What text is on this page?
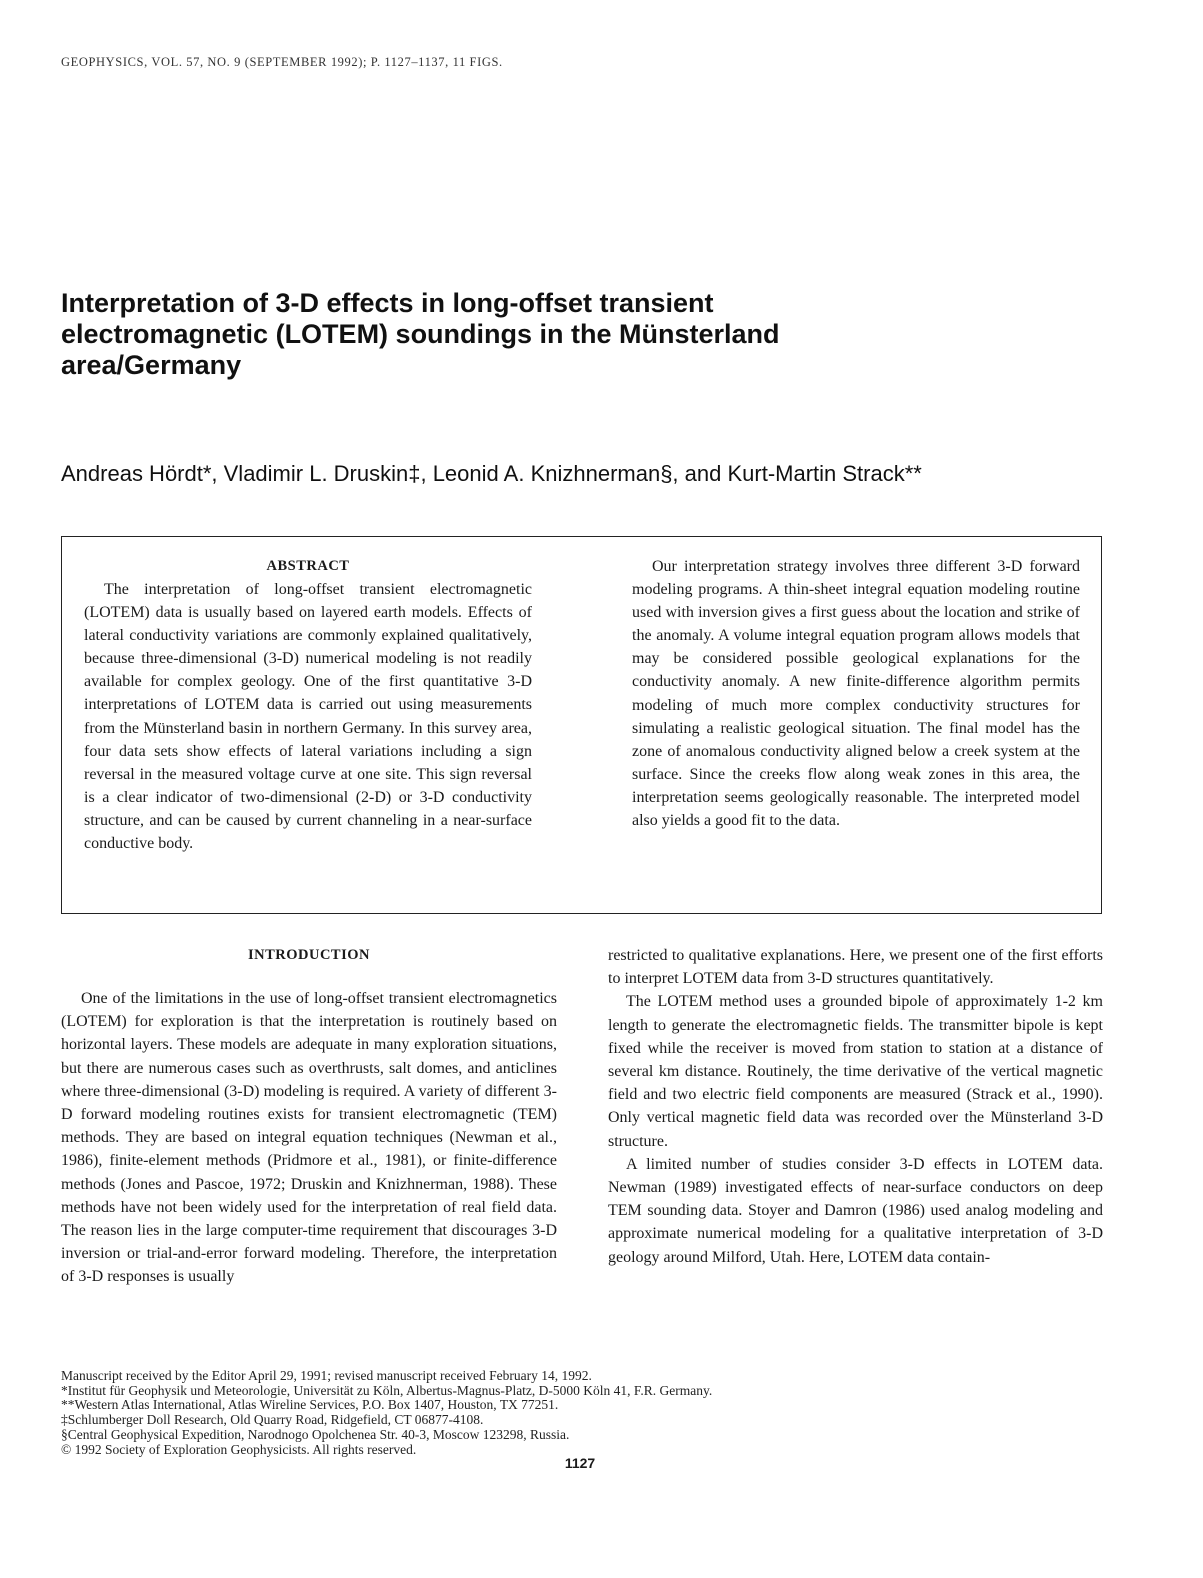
GEOPHYSICS, VOL. 57, NO. 9 (SEPTEMBER 1992); P. 1127–1137, 11 FIGS.
Interpretation of 3-D effects in long-offset transient electromagnetic (LOTEM) soundings in the Münsterland area/Germany
Andreas Hördt*, Vladimir L. Druskin‡, Leonid A. Knizhnerman§, and Kurt-Martin Strack**
ABSTRACT

The interpretation of long-offset transient electromagnetic (LOTEM) data is usually based on layered earth models. Effects of lateral conductivity variations are commonly explained qualitatively, because three-dimensional (3-D) numerical modeling is not readily available for complex geology. One of the first quantitative 3-D interpretations of LOTEM data is carried out using measurements from the Münsterland basin in northern Germany. In this survey area, four data sets show effects of lateral variations including a sign reversal in the measured voltage curve at one site. This sign reversal is a clear indicator of two-dimensional (2-D) or 3-D conductivity structure, and can be caused by current channeling in a near-surface conductive body.

Our interpretation strategy involves three different 3-D forward modeling programs. A thin-sheet integral equation modeling routine used with inversion gives a first guess about the location and strike of the anomaly. A volume integral equation program allows models that may be considered possible geological explanations for the conductivity anomaly. A new finite-difference algorithm permits modeling of much more complex conductivity structures for simulating a realistic geological situation. The final model has the zone of anomalous conductivity aligned below a creek system at the surface. Since the creeks flow along weak zones in this area, the interpretation seems geologically reasonable. The interpreted model also yields a good fit to the data.

INTRODUCTION

One of the limitations in the use of long-offset transient electromagnetics (LOTEM) for exploration is that the interpretation is routinely based on horizontal layers. These models are adequate in many exploration situations, but there are numerous cases such as overthrusts, salt domes, and anticlines where three-dimensional (3-D) modeling is required. A variety of different 3-D forward modeling routines exists for transient electromagnetic (TEM) methods. They are based on integral equation techniques (Newman et al., 1986), finite-element methods (Pridmore et al., 1981), or finite-difference methods (Jones and Pascoe, 1972; Druskin and Knizhnerman, 1988). These methods have not been widely used for the interpretation of real field data. The reason lies in the large computer-time requirement that discourages 3-D inversion or trial-and-error forward modeling. Therefore, the interpretation of 3-D responses is usually

restricted to qualitative explanations. Here, we present one of the first efforts to interpret LOTEM data from 3-D structures quantitatively.

The LOTEM method uses a grounded bipole of approximately 1-2 km length to generate the electromagnetic fields. The transmitter bipole is kept fixed while the receiver is moved from station to station at a distance of several km distance. Routinely, the time derivative of the vertical magnetic field and two electric field components are measured (Strack et al., 1990). Only vertical magnetic field data was recorded over the Münsterland 3-D structure.

A limited number of studies consider 3-D effects in LOTEM data. Newman (1989) investigated effects of near-surface conductors on deep TEM sounding data. Stoyer and Damron (1986) used analog modeling and approximate numerical modeling for a qualitative interpretation of 3-D geology around Milford, Utah. Here, LOTEM data contain-

Manuscript received by the Editor April 29, 1991; revised manuscript received February 14, 1992.
*Institut für Geophysik und Meteorologie, Universität zu Köln, Albertus-Magnus-Platz, D-5000 Köln 41, F.R. Germany.
**Western Atlas International, Atlas Wireline Services, P.O. Box 1407, Houston, TX 77251.
‡Schlumberger Doll Research, Old Quarry Road, Ridgefield, CT 06877-4108.
§Central Geophysical Expedition, Narodnogo Opolchenea Str. 40-3, Moscow 123298, Russia.
© 1992 Society of Exploration Geophysicists. All rights reserved.
1127
